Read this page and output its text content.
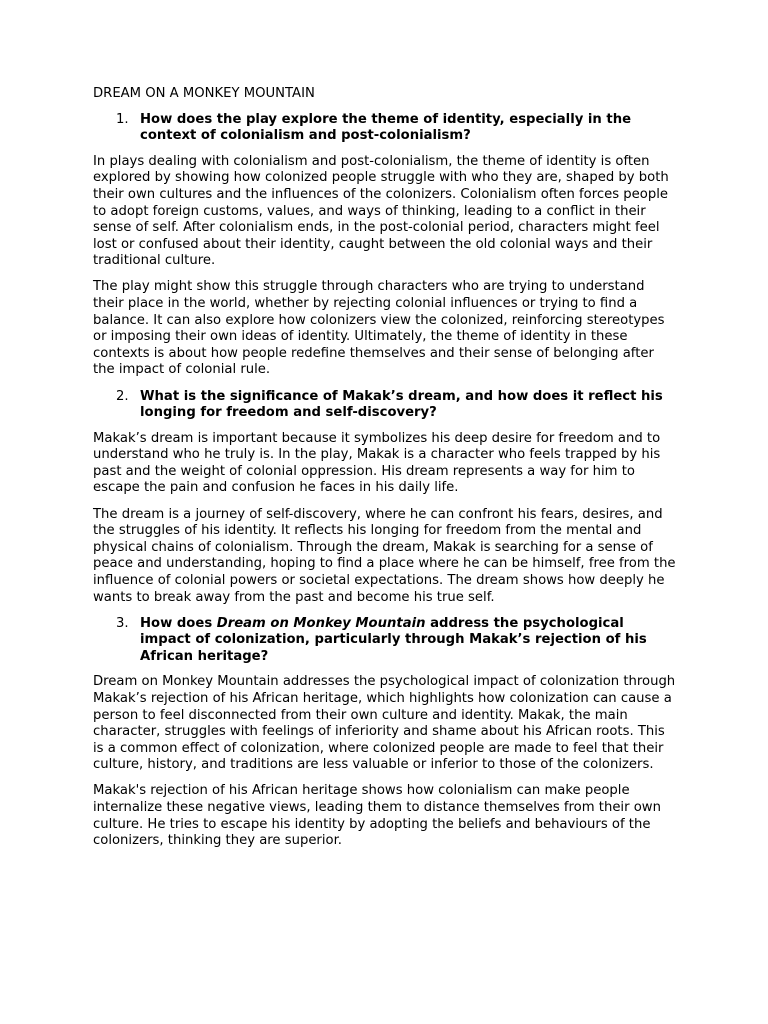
DREAM ON A MONKEY MOUNTAIN
1. How does the play explore the theme of identity, especially in the context of colonialism and post-colonialism?

In plays dealing with colonialism and post-colonialism, the theme of identity is often explored by showing how colonized people struggle with who they are, shaped by both their own cultures and the influences of the colonizers. Colonialism often forces people to adopt foreign customs, values, and ways of thinking, leading to a conflict in their sense of self. After colonialism ends, in the post-colonial period, characters might feel lost or confused about their identity, caught between the old colonial ways and their traditional culture.

The play might show this struggle through characters who are trying to understand their place in the world, whether by rejecting colonial influences or trying to find a balance. It can also explore how colonizers view the colonized, reinforcing stereotypes or imposing their own ideas of identity. Ultimately, the theme of identity in these contexts is about how people redefine themselves and their sense of belonging after the impact of colonial rule.

2. What is the significance of Makak’s dream, and how does it reflect his longing for freedom and self-discovery?

Makak’s dream is important because it symbolizes his deep desire for freedom and to understand who he truly is. In the play, Makak is a character who feels trapped by his past and the weight of colonial oppression. His dream represents a way for him to escape the pain and confusion he faces in his daily life.

The dream is a journey of self-discovery, where he can confront his fears, desires, and the struggles of his identity. It reflects his longing for freedom from the mental and physical chains of colonialism. Through the dream, Makak is searching for a sense of peace and understanding, hoping to find a place where he can be himself, free from the influence of colonial powers or societal expectations. The dream shows how deeply he wants to break away from the past and become his true self.

3. How does Dream on Monkey Mountain address the psychological impact of colonization, particularly through Makak’s rejection of his African heritage?

Dream on Monkey Mountain addresses the psychological impact of colonization through Makak’s rejection of his African heritage, which highlights how colonization can cause a person to feel disconnected from their own culture and identity. Makak, the main character, struggles with feelings of inferiority and shame about his African roots. This is a common effect of colonization, where colonized people are made to feel that their culture, history, and traditions are less valuable or inferior to those of the colonizers.

Makak's rejection of his African heritage shows how colonialism can make people internalize these negative views, leading them to distance themselves from their own culture. He tries to escape his identity by adopting the beliefs and behaviours of the colonizers, thinking they are superior.
